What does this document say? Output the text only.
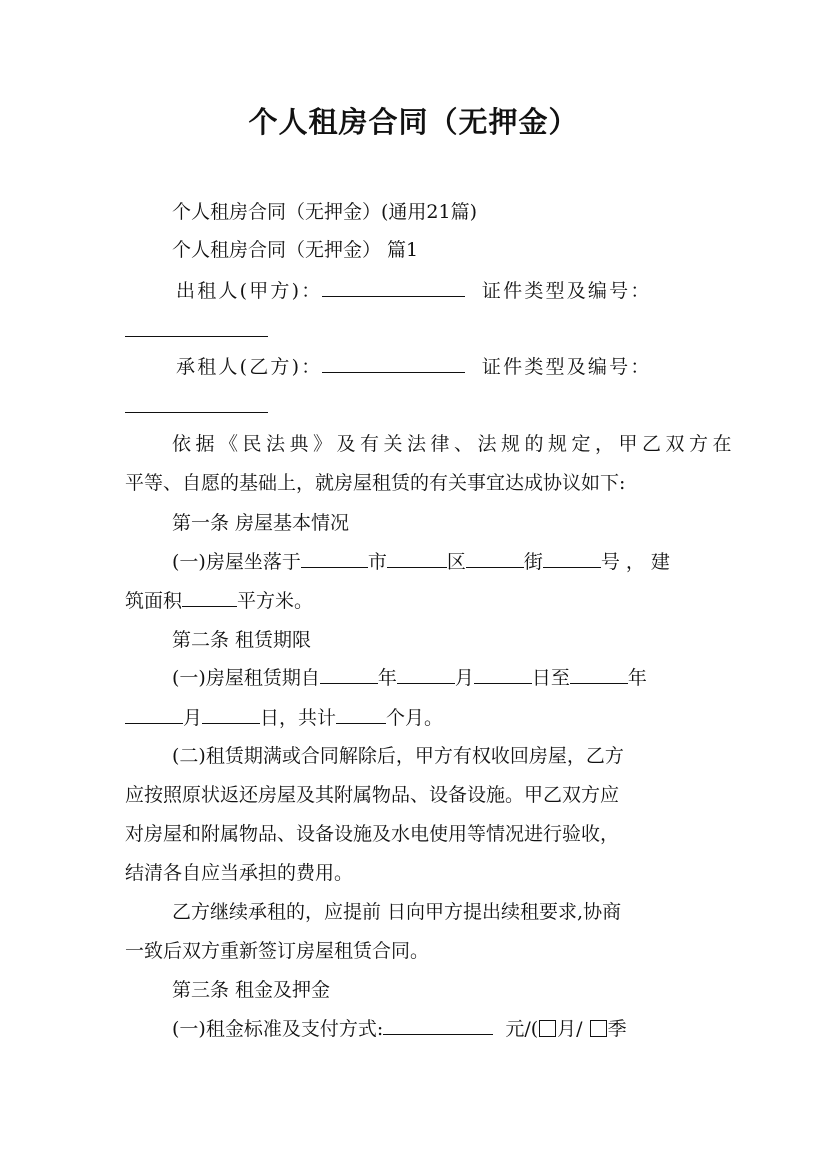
个人租房合同（无押金）
个人租房合同（无押金）(通用21篇)
个人租房合同（无押金） 篇1
出租人(甲方)：	证件类型及编号：
承租人(乙方)：	证件类型及编号：
依据《民法典》及有关法律、法规的规定，甲乙双方在
平等、自愿的基础上，就房屋租赁的有关事宜达成协议如下:
第一条 房屋基本情况
(一)房屋坐落于	市	区	街	号，建
筑面积	平方米。
第二条 租赁期限
(一)房屋租赁期自	年	月	日至	年
月	日，共计	个月。
(二)租赁期满或合同解除后，甲方有权收回房屋，乙方
应按照原状返还房屋及其附属物品、设备设施。甲乙双方应
对房屋和附属物品、设备设施及水电使用等情况进行验收，
结清各自应当承担的费用。
乙方继续承租的，应提前 日向甲方提出续租要求,协商
一致后双方重新签订房屋租赁合同。
第三条 租金及押金
(一)租金标准及支付方式:	元/( 月/ 季
